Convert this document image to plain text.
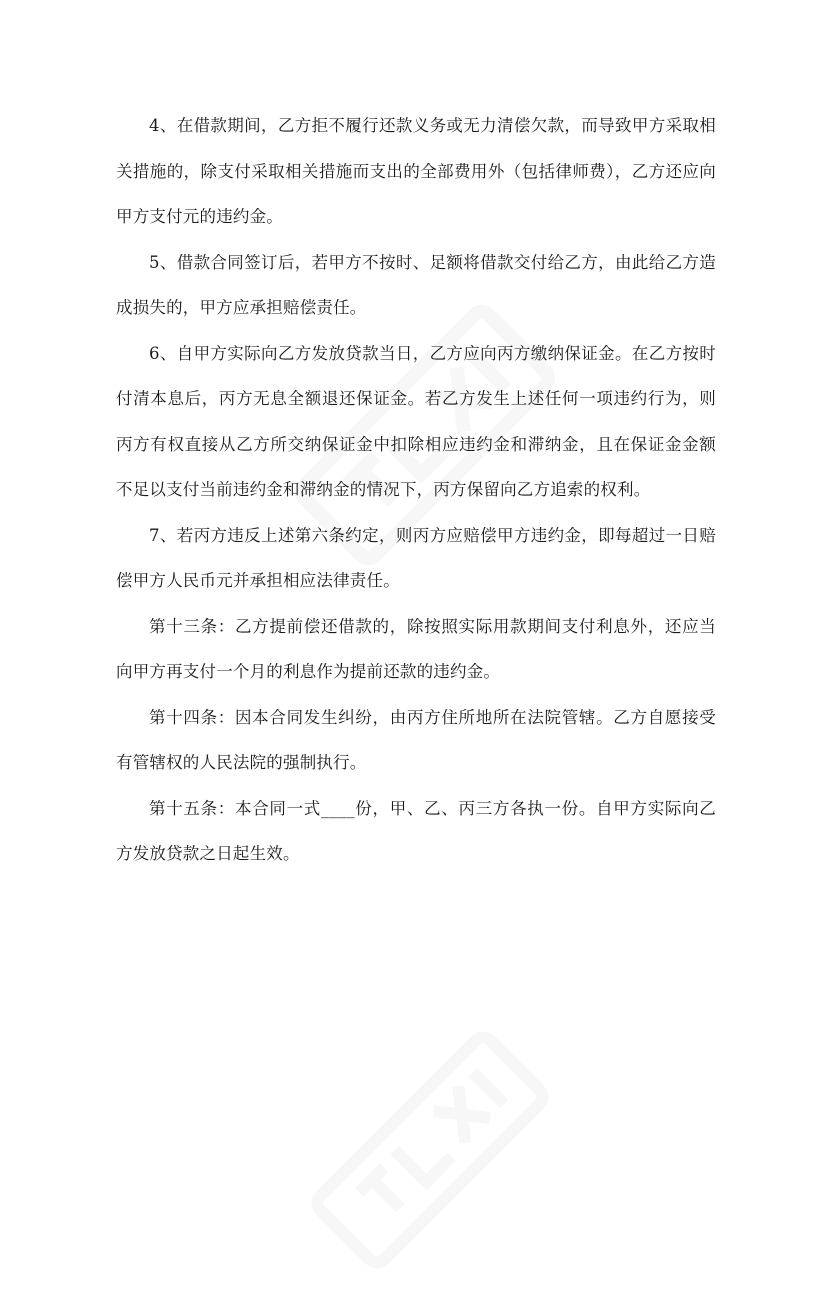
4、在借款期间，乙方拒不履行还款义务或无力清偿欠款，而导致甲方采取相关措施的，除支付采取相关措施而支出的全部费用外（包括律师费），乙方还应向甲方支付元的违约金。

5、借款合同签订后，若甲方不按时、足额将借款交付给乙方，由此给乙方造成损失的，甲方应承担赔偿责任。

6、自甲方实际向乙方发放贷款当日，乙方应向丙方缴纳保证金。在乙方按时付清本息后，丙方无息全额退还保证金。若乙方发生上述任何一项违约行为，则丙方有权直接从乙方所交纳保证金中扣除相应违约金和滞纳金，且在保证金金额不足以支付当前违约金和滞纳金的情况下，丙方保留向乙方追索的权利。

7、若丙方违反上述第六条约定，则丙方应赔偿甲方违约金，即每超过一日赔偿甲方人民币元并承担相应法律责任。

第十三条：乙方提前偿还借款的，除按照实际用款期间支付利息外，还应当向甲方再支付一个月的利息作为提前还款的违约金。

第十四条：因本合同发生纠纷，由丙方住所地所在法院管辖。乙方自愿接受有管辖权的人民法院的强制执行。

第十五条：本合同一式____份，甲、乙、丙三方各执一份。自甲方实际向乙方发放贷款之日起生效。
